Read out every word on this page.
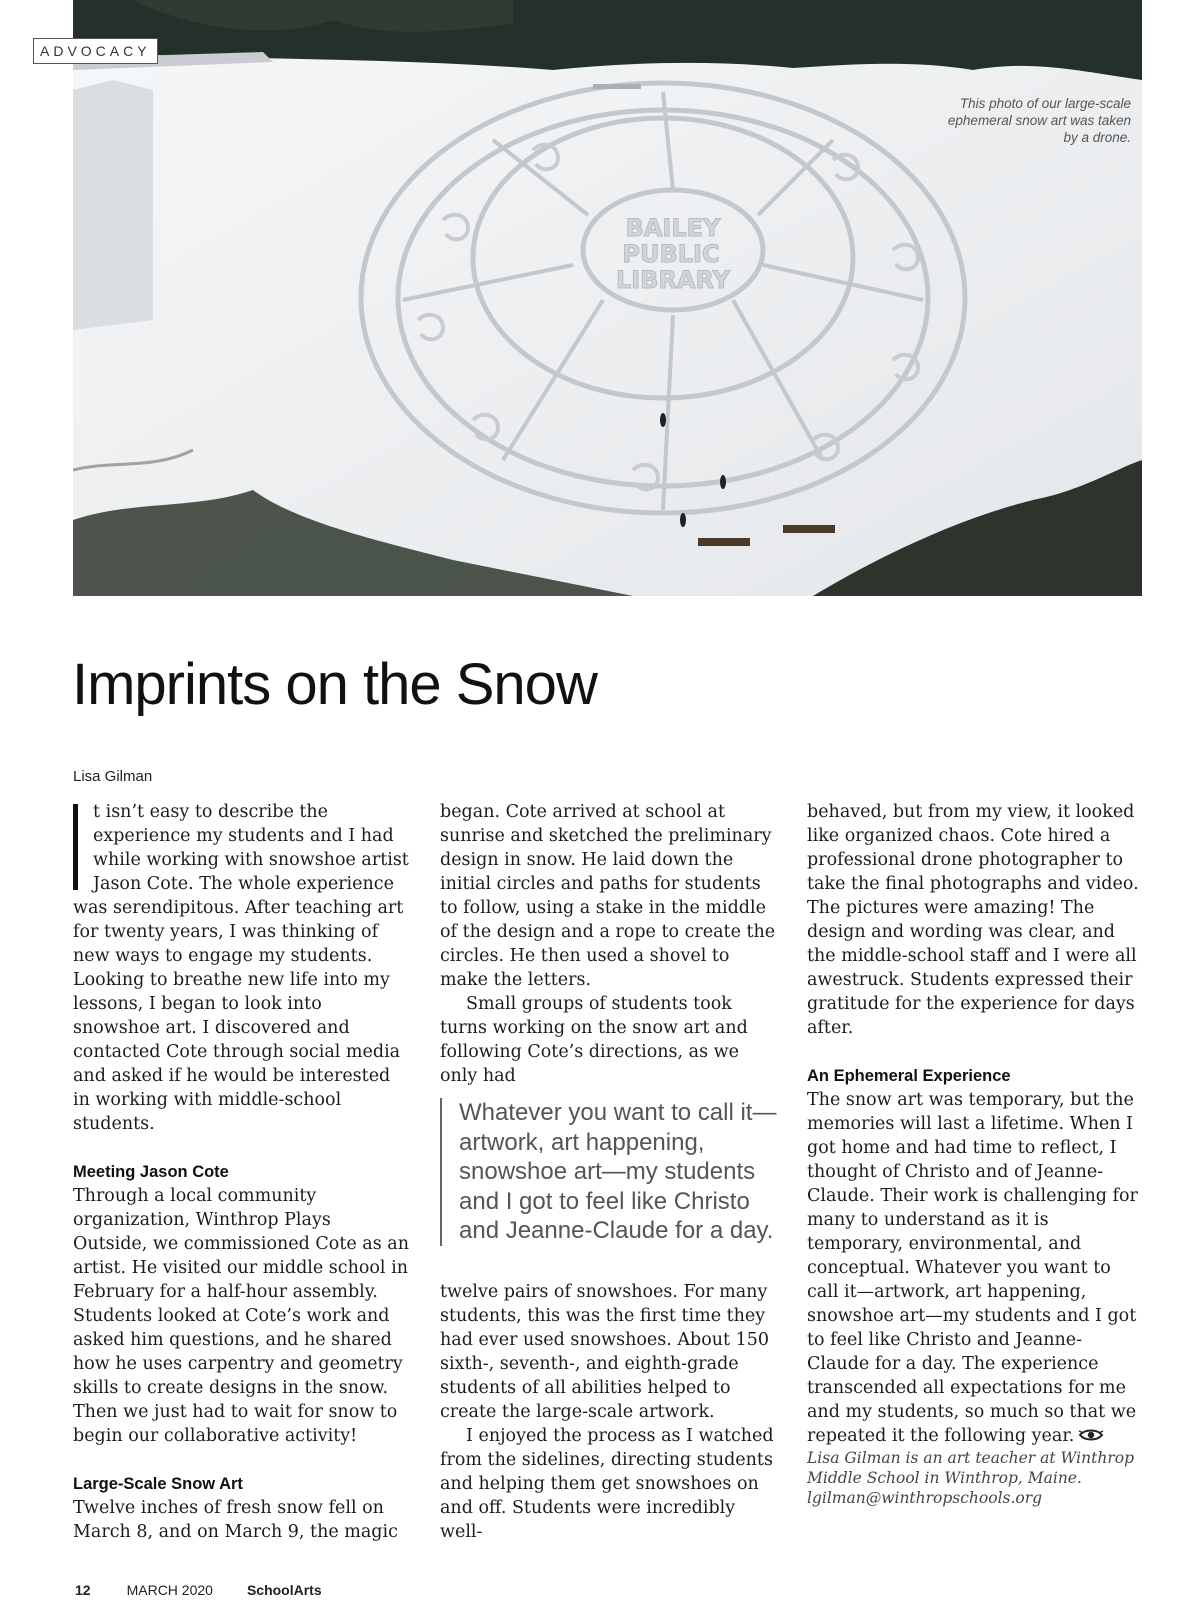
BAILEY
PUBLIC
LIBRARY
ADVOCACY
This photo of our large-scale ephemeral snow art was taken by a drone.
Imprints on the Snow
Lisa Gilman

t isn’t easy to describe the experience my students and I had while working with snowshoe artist Jason Cote. The whole experience was serendipitous. After teaching art for twenty years, I was thinking of new ways to engage my students. Looking to breathe new life into my lessons, I began to look into snowshoe art. I discovered and contacted Cote through social media and asked if he would be interested in working with middle-school students.

Meeting Jason Cote

Through a local community organization, Winthrop Plays Outside, we commissioned Cote as an artist. He visited our middle school in February for a half-hour assembly. Students looked at Cote’s work and asked him questions, and he shared how he uses carpentry and geometry skills to create designs in the snow. Then we just had to wait for snow to begin our collaborative activity!

Large-Scale Snow Art

Twelve inches of fresh snow fell on March 8, and on March 9, the magic

began. Cote arrived at school at sunrise and sketched the preliminary design in snow. He laid down the initial circles and paths for students to follow, using a stake in the middle of the design and a rope to create the circles. He then used a shovel to make the letters.

Small groups of students took turns working on the snow art and following Cote’s directions, as we only had

Whatever you want to call it—artwork, art happening, snowshoe art—my students and I got to feel like Christo and Jeanne-Claude for a day.

twelve pairs of snowshoes. For many students, this was the first time they had ever used snowshoes. About 150 sixth-, seventh-, and eighth-grade students of all abilities helped to create the large-scale artwork.

I enjoyed the process as I watched from the sidelines, directing students and helping them get snowshoes on and off. Students were incredibly well-

behaved, but from my view, it looked like organized chaos. Cote hired a professional drone photographer to take the final photographs and video. The pictures were amazing! The design and wording was clear, and the middle-school staff and I were all awestruck. Students expressed their gratitude for the experience for days after.

An Ephemeral Experience

The snow art was temporary, but the memories will last a lifetime. When I got home and had time to reflect, I thought of Christo and of Jeanne-Claude. Their work is challenging for many to understand as it is temporary, environmental, and conceptual. Whatever you want to call it—artwork, art happening, snowshoe art—my students and I got to feel like Christo and Jeanne-Claude for a day. The experience transcended all expectations for me and my students, so much so that we repeated it the following year.

Lisa Gilman is an art teacher at Winthrop Middle School in Winthrop, Maine.
lgilman@winthropschools.org
12	MARCH 2020 SchoolArts
